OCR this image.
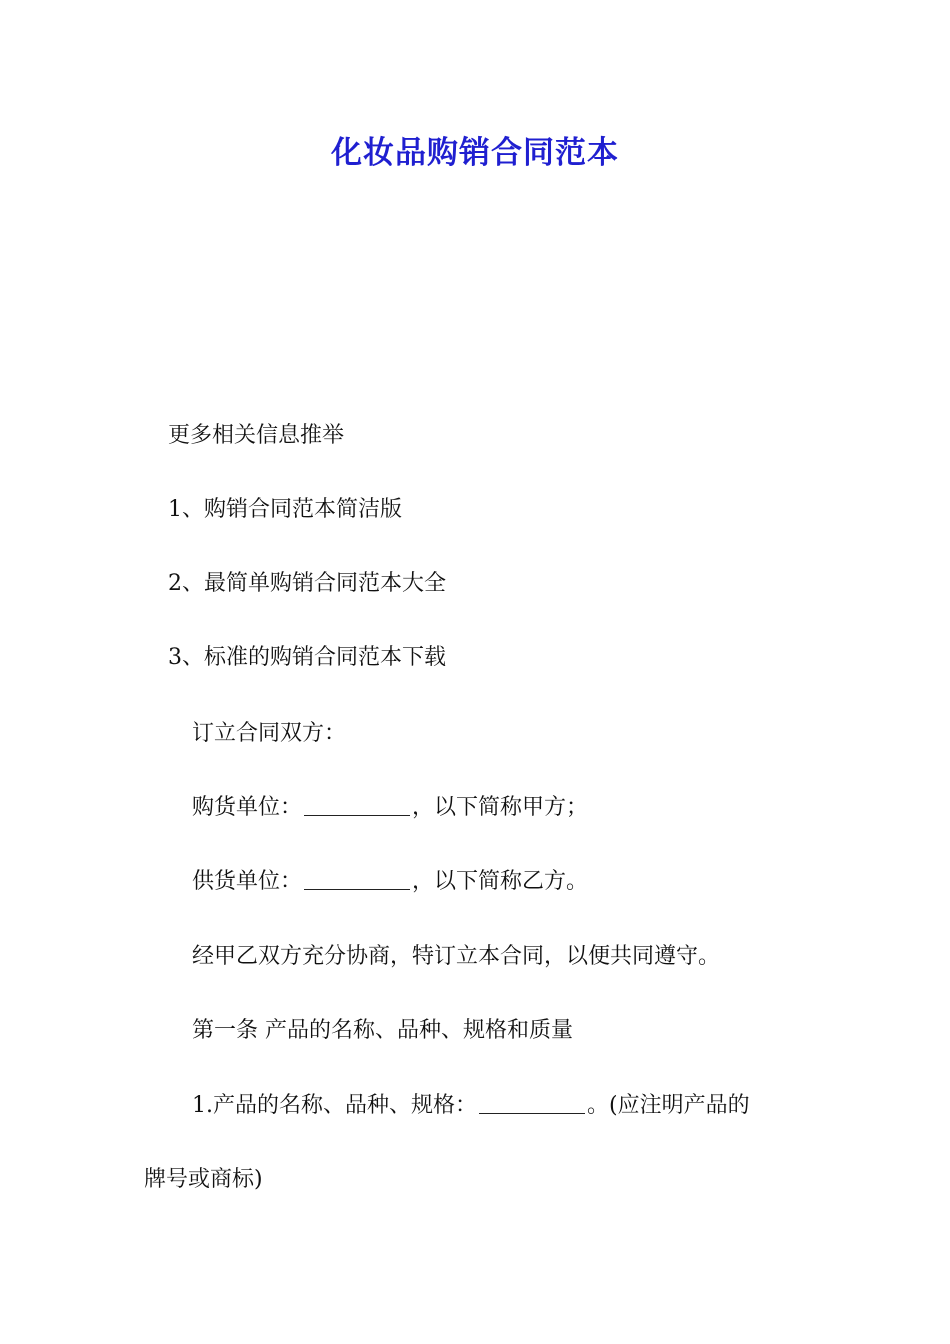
化妆品购销合同范本

更多相关信息推举

1、购销合同范本简洁版

2、最简单购销合同范本大全

3、标准的购销合同范本下载

订立合同双方：

购货单位：	，以下简称甲方；

供货单位：	，以下简称乙方。

经甲乙双方充分协商，特订立本合同，以便共同遵守。

第一条 产品的名称、品种、规格和质量

1.产品的名称、品种、规格：	。(应注明产品的

牌号或商标)
